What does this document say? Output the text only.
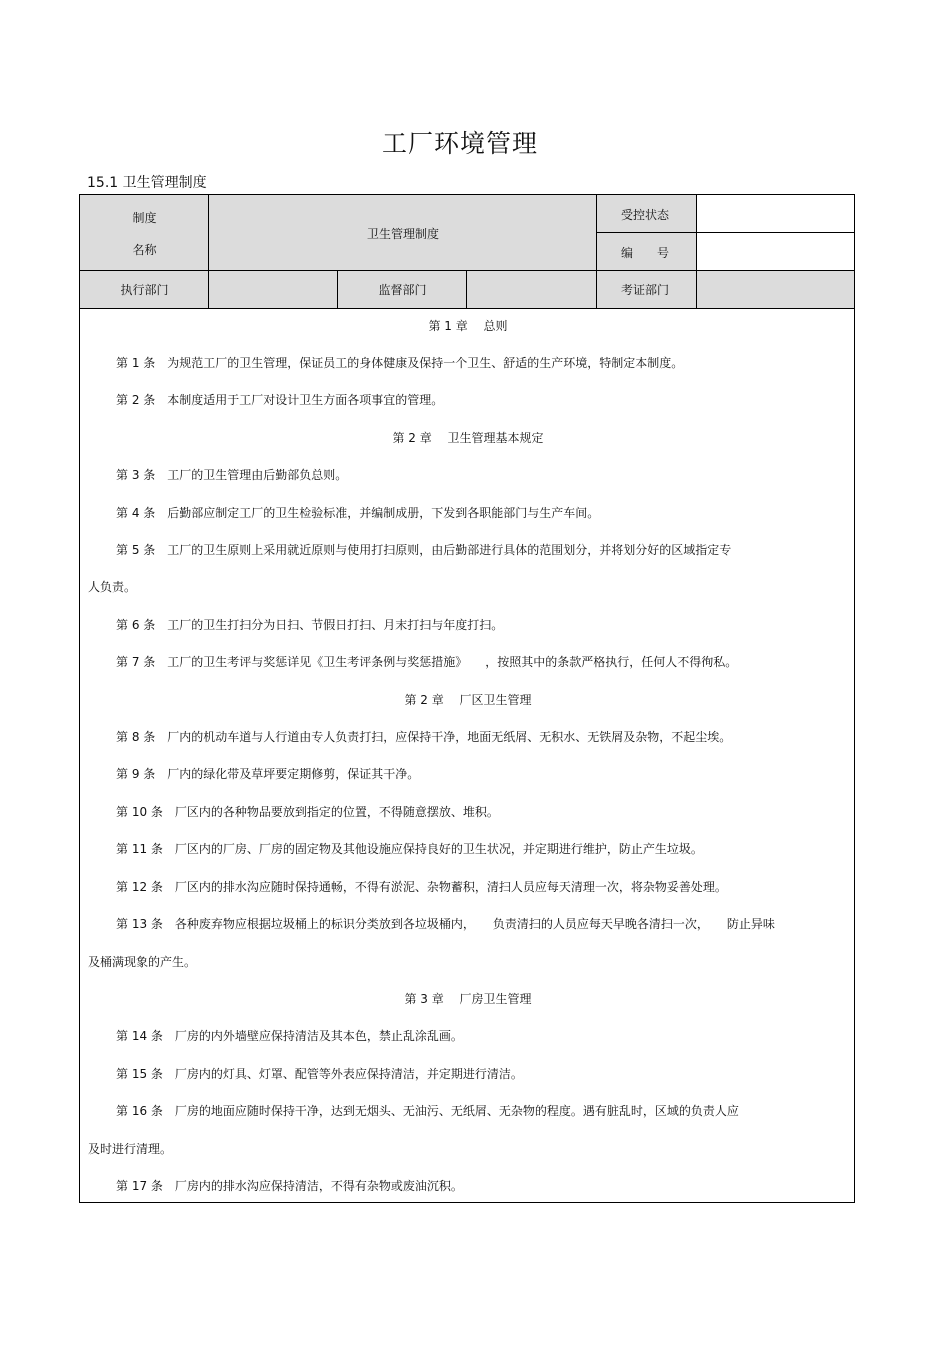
工厂环境管理
15.1 卫生管理制度
制度
名称
卫生管理制度
受控状态
编　　号
执行部门	监督部门	考证部门
第 1 章　 总则
第 1 条　为规范工厂的卫生管理，保证员工的身体健康及保持一个卫生、舒适的生产环境，特制定本制度。
第 2 条　本制度适用于工厂对设计卫生方面各项事宜的管理。
第 2 章　 卫生管理基本规定
第 3 条　工厂的卫生管理由后勤部负总则。
第 4 条　后勤部应制定工厂的卫生检验标准，并编制成册，下发到各职能部门与生产车间。
第 5 条　工厂的卫生原则上采用就近原则与使用打扫原则，由后勤部进行具体的范围划分，并将划分好的区域指定专
人负责。
第 6 条　工厂的卫生打扫分为日扫、节假日打扫、月末打扫与年度打扫。
第 7 条　工厂的卫生考评与奖惩详见《卫生考评条例与奖惩措施》　　，按照其中的条款严格执行，任何人不得徇私。
第 2 章　 厂区卫生管理
第 8 条　厂内的机动车道与人行道由专人负责打扫，应保持干净，地面无纸屑、无积水、无铁屑及杂物，不起尘埃。
第 9 条　厂内的绿化带及草坪要定期修剪，保证其干净。
第 10 条　厂区内的各种物品要放到指定的位置，不得随意摆放、堆积。
第 11 条　厂区内的厂房、厂房的固定物及其他设施应保持良好的卫生状况，并定期进行维护，防止产生垃圾。
第 12 条　厂区内的排水沟应随时保持通畅，不得有淤泥、杂物蓄积，清扫人员应每天清理一次，将杂物妥善处理。
第 13 条　各种废弃物应根据垃圾桶上的标识分类放到各垃圾桶内，　　负责清扫的人员应每天早晚各清扫一次，　　防止异味
及桶满现象的产生。
第 3 章　 厂房卫生管理
第 14 条　厂房的内外墙壁应保持清洁及其本色，禁止乱涂乱画。
第 15 条　厂房内的灯具、灯罩、配管等外表应保持清洁，并定期进行清洁。
第 16 条　厂房的地面应随时保持干净，达到无烟头、无油污、无纸屑、无杂物的程度。遇有脏乱时，区域的负责人应
及时进行清理。
第 17 条　厂房内的排水沟应保持清洁，不得有杂物或废油沉积。
